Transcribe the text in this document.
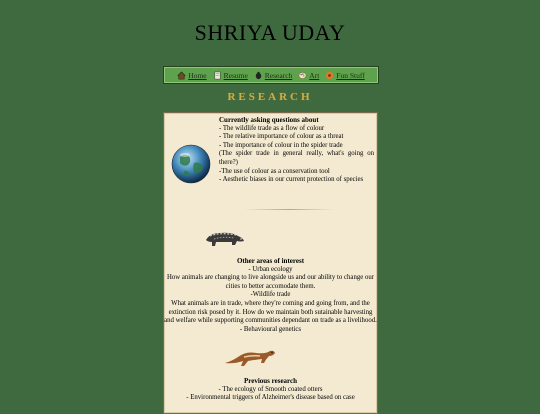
SHRIYA UDAY
Home Resume Research Art Fun Stuff
RESEARCH
Currently asking questions about
- The wildlife trade as a flow of colour
- The relative importance of colour as a threat
- The importance of colour in the spider trade
(The spider trade in general really, what's going on there?)
-The use of colour as a conservation tool
- Aesthetic biases in our current protection of species
Other areas of interest
- Urban ecology
How animals are changing to live alongside us and our ability to change our cities to better accomodate them.
-Wildlife trade
What animals are in trade, where they're coming and going from, and the extinction risk posed by it. How do we maintain both sutainable harvesting and welfare while supporting communities dependant on trade as a livelihood. - Behavioural genetics
Previous research
- The ecology of Smooth coated otters
- Environmental triggers of Alzheimer's disease based on case
